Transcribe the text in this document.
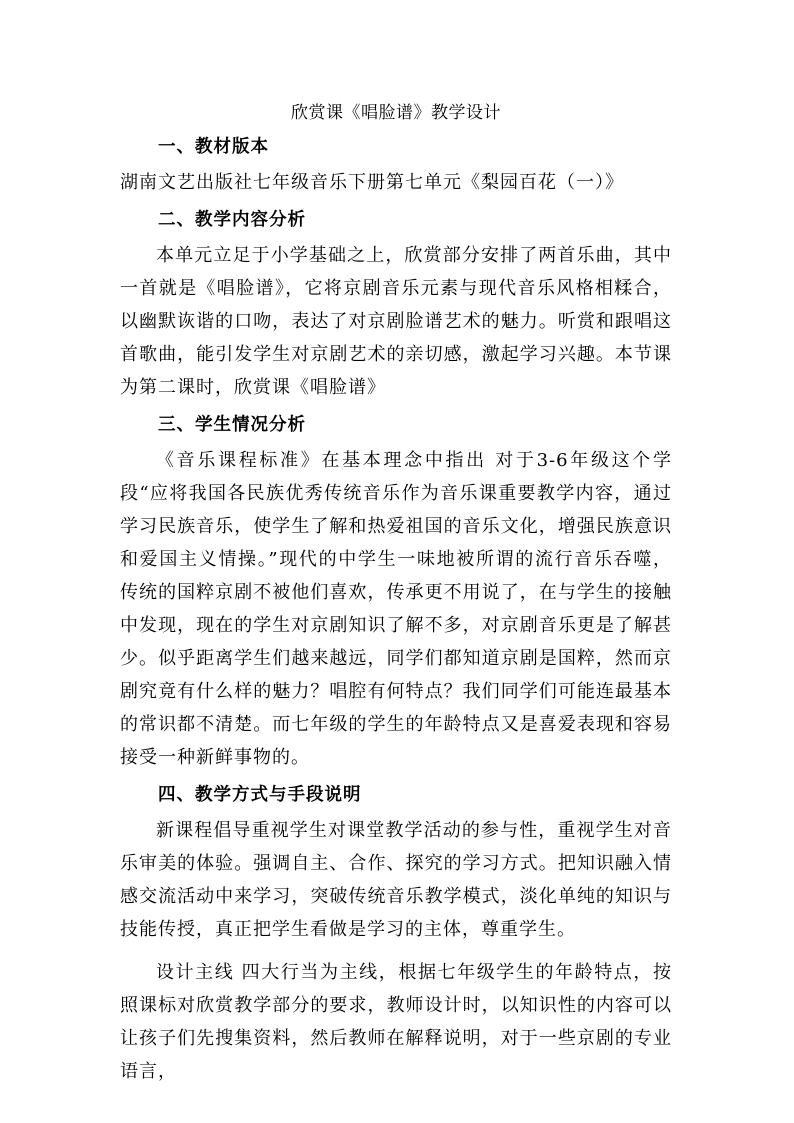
欣赏课《唱脸谱》教学设计
一、教材版本

湖南文艺出版社七年级音乐下册第七单元《梨园百花（一）》

二、教学内容分析

本单元立足于小学基础之上，欣赏部分安排了两首乐曲，其中一首就是《唱脸谱》，它将京剧音乐元素与现代音乐风格相糅合，以幽默诙谐的口吻，表达了对京剧脸谱艺术的魅力。听赏和跟唱这首歌曲，能引发学生对京剧艺术的亲切感，激起学习兴趣。本节课为第二课时，欣赏课《唱脸谱》

三、学生情况分析

《音乐课程标准》在基本理念中指出 对于3-6年级这个学段“应将我国各民族优秀传统音乐作为音乐课重要教学内容，通过学习民族音乐，使学生了解和热爱祖国的音乐文化，增强民族意识和爱国主义情操。”现代的中学生一味地被所谓的流行音乐吞噬，传统的国粹京剧不被他们喜欢，传承更不用说了，在与学生的接触中发现，现在的学生对京剧知识了解不多，对京剧音乐更是了解甚少。似乎距离学生们越来越远，同学们都知道京剧是国粹，然而京剧究竟有什么样的魅力？唱腔有何特点？我们同学们可能连最基本的常识都不清楚。而七年级的学生的年龄特点又是喜爱表现和容易接受一种新鲜事物的。

四、教学方式与手段说明

新课程倡导重视学生对课堂教学活动的参与性，重视学生对音乐审美的体验。强调自主、合作、探究的学习方式。把知识融入情感交流活动中来学习，突破传统音乐教学模式，淡化单纯的知识与技能传授，真正把学生看做是学习的主体，尊重学生。

设计主线 四大行当为主线，根据七年级学生的年龄特点，按照课标对欣赏教学部分的要求，教师设计时，以知识性的内容可以让孩子们先搜集资料，然后教师在解释说明，对于一些京剧的专业语言，
